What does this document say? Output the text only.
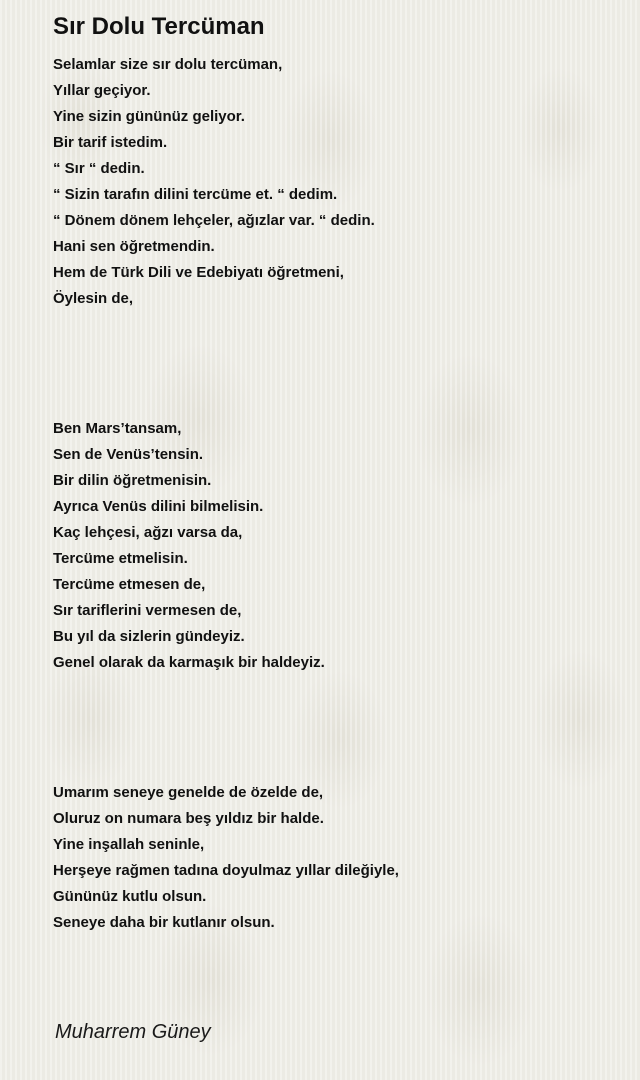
Sır Dolu Tercüman
Selamlar size sır dolu tercüman,
Yıllar geçiyor.
Yine sizin gününüz geliyor.
Bir tarif istedim.
“ Sır “ dedin.
“ Sizin tarafın dilini tercüme et. “ dedim.
“ Dönem dönem lehçeler, ağızlar var. “ dedin.
Hani sen öğretmendin.
Hem de Türk Dili ve Edebiyatı öğretmeni,
Öylesin de,
Ben Mars’tansam,
Sen de Venüs’tensin.
Bir dilin öğretmenisin.
Ayrıca Venüs dilini bilmelisin.
Kaç lehçesi, ağzı varsa da,
Tercüme etmelisin.
Tercüme etmesen de,
Sır tariflerini vermesen de,
Bu yıl da sizlerin gündeyiz.
Genel olarak da karmaşık bir haldeyiz.
Umarım seneye genelde de özelde de,
Oluruz on numara beş yıldız bir halde.
Yine inşallah seninle,
Herşeye rağmen tadına doyulmaz yıllar dileğiyle,
Gününüz kutlu olsun.
Seneye daha bir kutlanır olsun.
Muharrem Güney
